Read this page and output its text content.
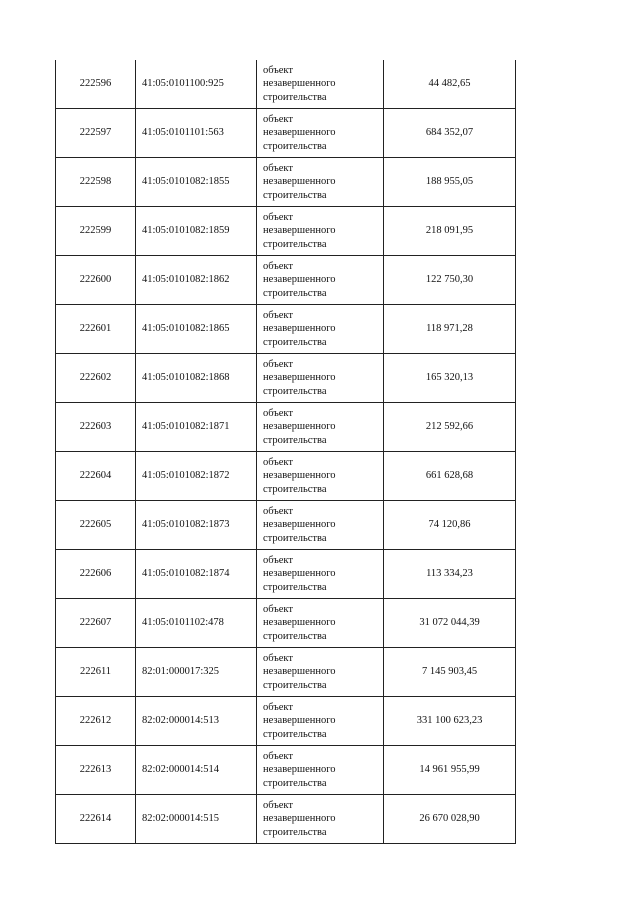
222596	41:05:0101100:925	объект
незавершенного
строительства	44 482,65
222597	41:05:0101101:563	объект
незавершенного
строительства	684 352,07
222598	41:05:0101082:1855	объект
незавершенного
строительства	188 955,05
222599	41:05:0101082:1859	объект
незавершенного
строительства	218 091,95
222600	41:05:0101082:1862	объект
незавершенного
строительства	122 750,30
222601	41:05:0101082:1865	объект
незавершенного
строительства	118 971,28
222602	41:05:0101082:1868	объект
незавершенного
строительства	165 320,13
222603	41:05:0101082:1871	объект
незавершенного
строительства	212 592,66
222604	41:05:0101082:1872	объект
незавершенного
строительства	661 628,68
222605	41:05:0101082:1873	объект
незавершенного
строительства	74 120,86
222606	41:05:0101082:1874	объект
незавершенного
строительства	113 334,23
222607	41:05:0101102:478	объект
незавершенного
строительства	31 072 044,39
222611	82:01:000017:325	объект
незавершенного
строительства	7 145 903,45
222612	82:02:000014:513	объект
незавершенного
строительства	331 100 623,23
222613	82:02:000014:514	объект
незавершенного
строительства	14 961 955,99
222614	82:02:000014:515	объект
незавершенного
строительства	26 670 028,90
